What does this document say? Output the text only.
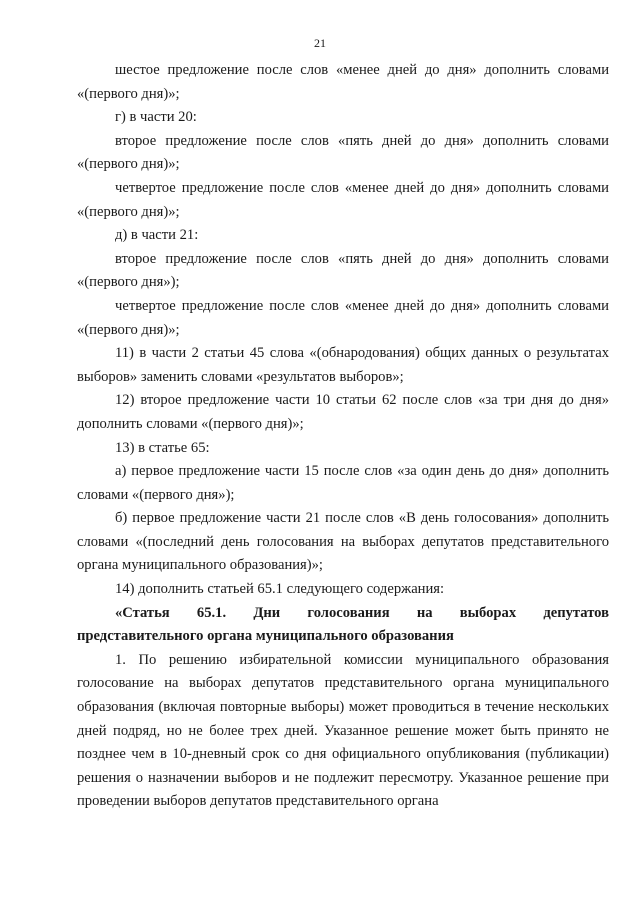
21

шестое предложение после слов «менее дней до дня» дополнить словами «(первого дня)»;

г) в части 20:

второе предложение после слов «пять дней до дня» дополнить словами «(первого дня)»;

четвертое предложение после слов «менее дней до дня» дополнить словами «(первого дня)»;

д) в части 21:

второе предложение после слов «пять дней до дня» дополнить словами «(первого дня»);

четвертое предложение после слов «менее дней до дня» дополнить словами «(первого дня)»;

11) в части 2 статьи 45 слова «(обнародования) общих данных о результатах выборов» заменить словами «результатов выборов»;

12) второе предложение части 10 статьи 62 после слов «за три дня до дня» дополнить словами «(первого дня)»;

13) в статье 65:

а) первое предложение части 15 после слов «за один день до дня» дополнить словами «(первого дня»);

б) первое предложение части 21 после слов «В день голосования» дополнить словами «(последний день голосования на выборах депутатов представительного органа муниципального образования)»;

14) дополнить статьей 65.1 следующего содержания:

«Статья 65.1. Дни голосования на выборах депутатов

представительного органа муниципального образования

1. По решению избирательной комиссии муниципального образования голосование на выборах депутатов представительного органа муниципального образования (включая повторные выборы) может проводиться в течение нескольких дней подряд, но не более трех дней. Указанное решение может быть принято не позднее чем в 10-дневный срок со дня официального опубликования (публикации) решения о назначении выборов и не подлежит пересмотру. Указанное решение при проведении выборов депутатов представительного органа
